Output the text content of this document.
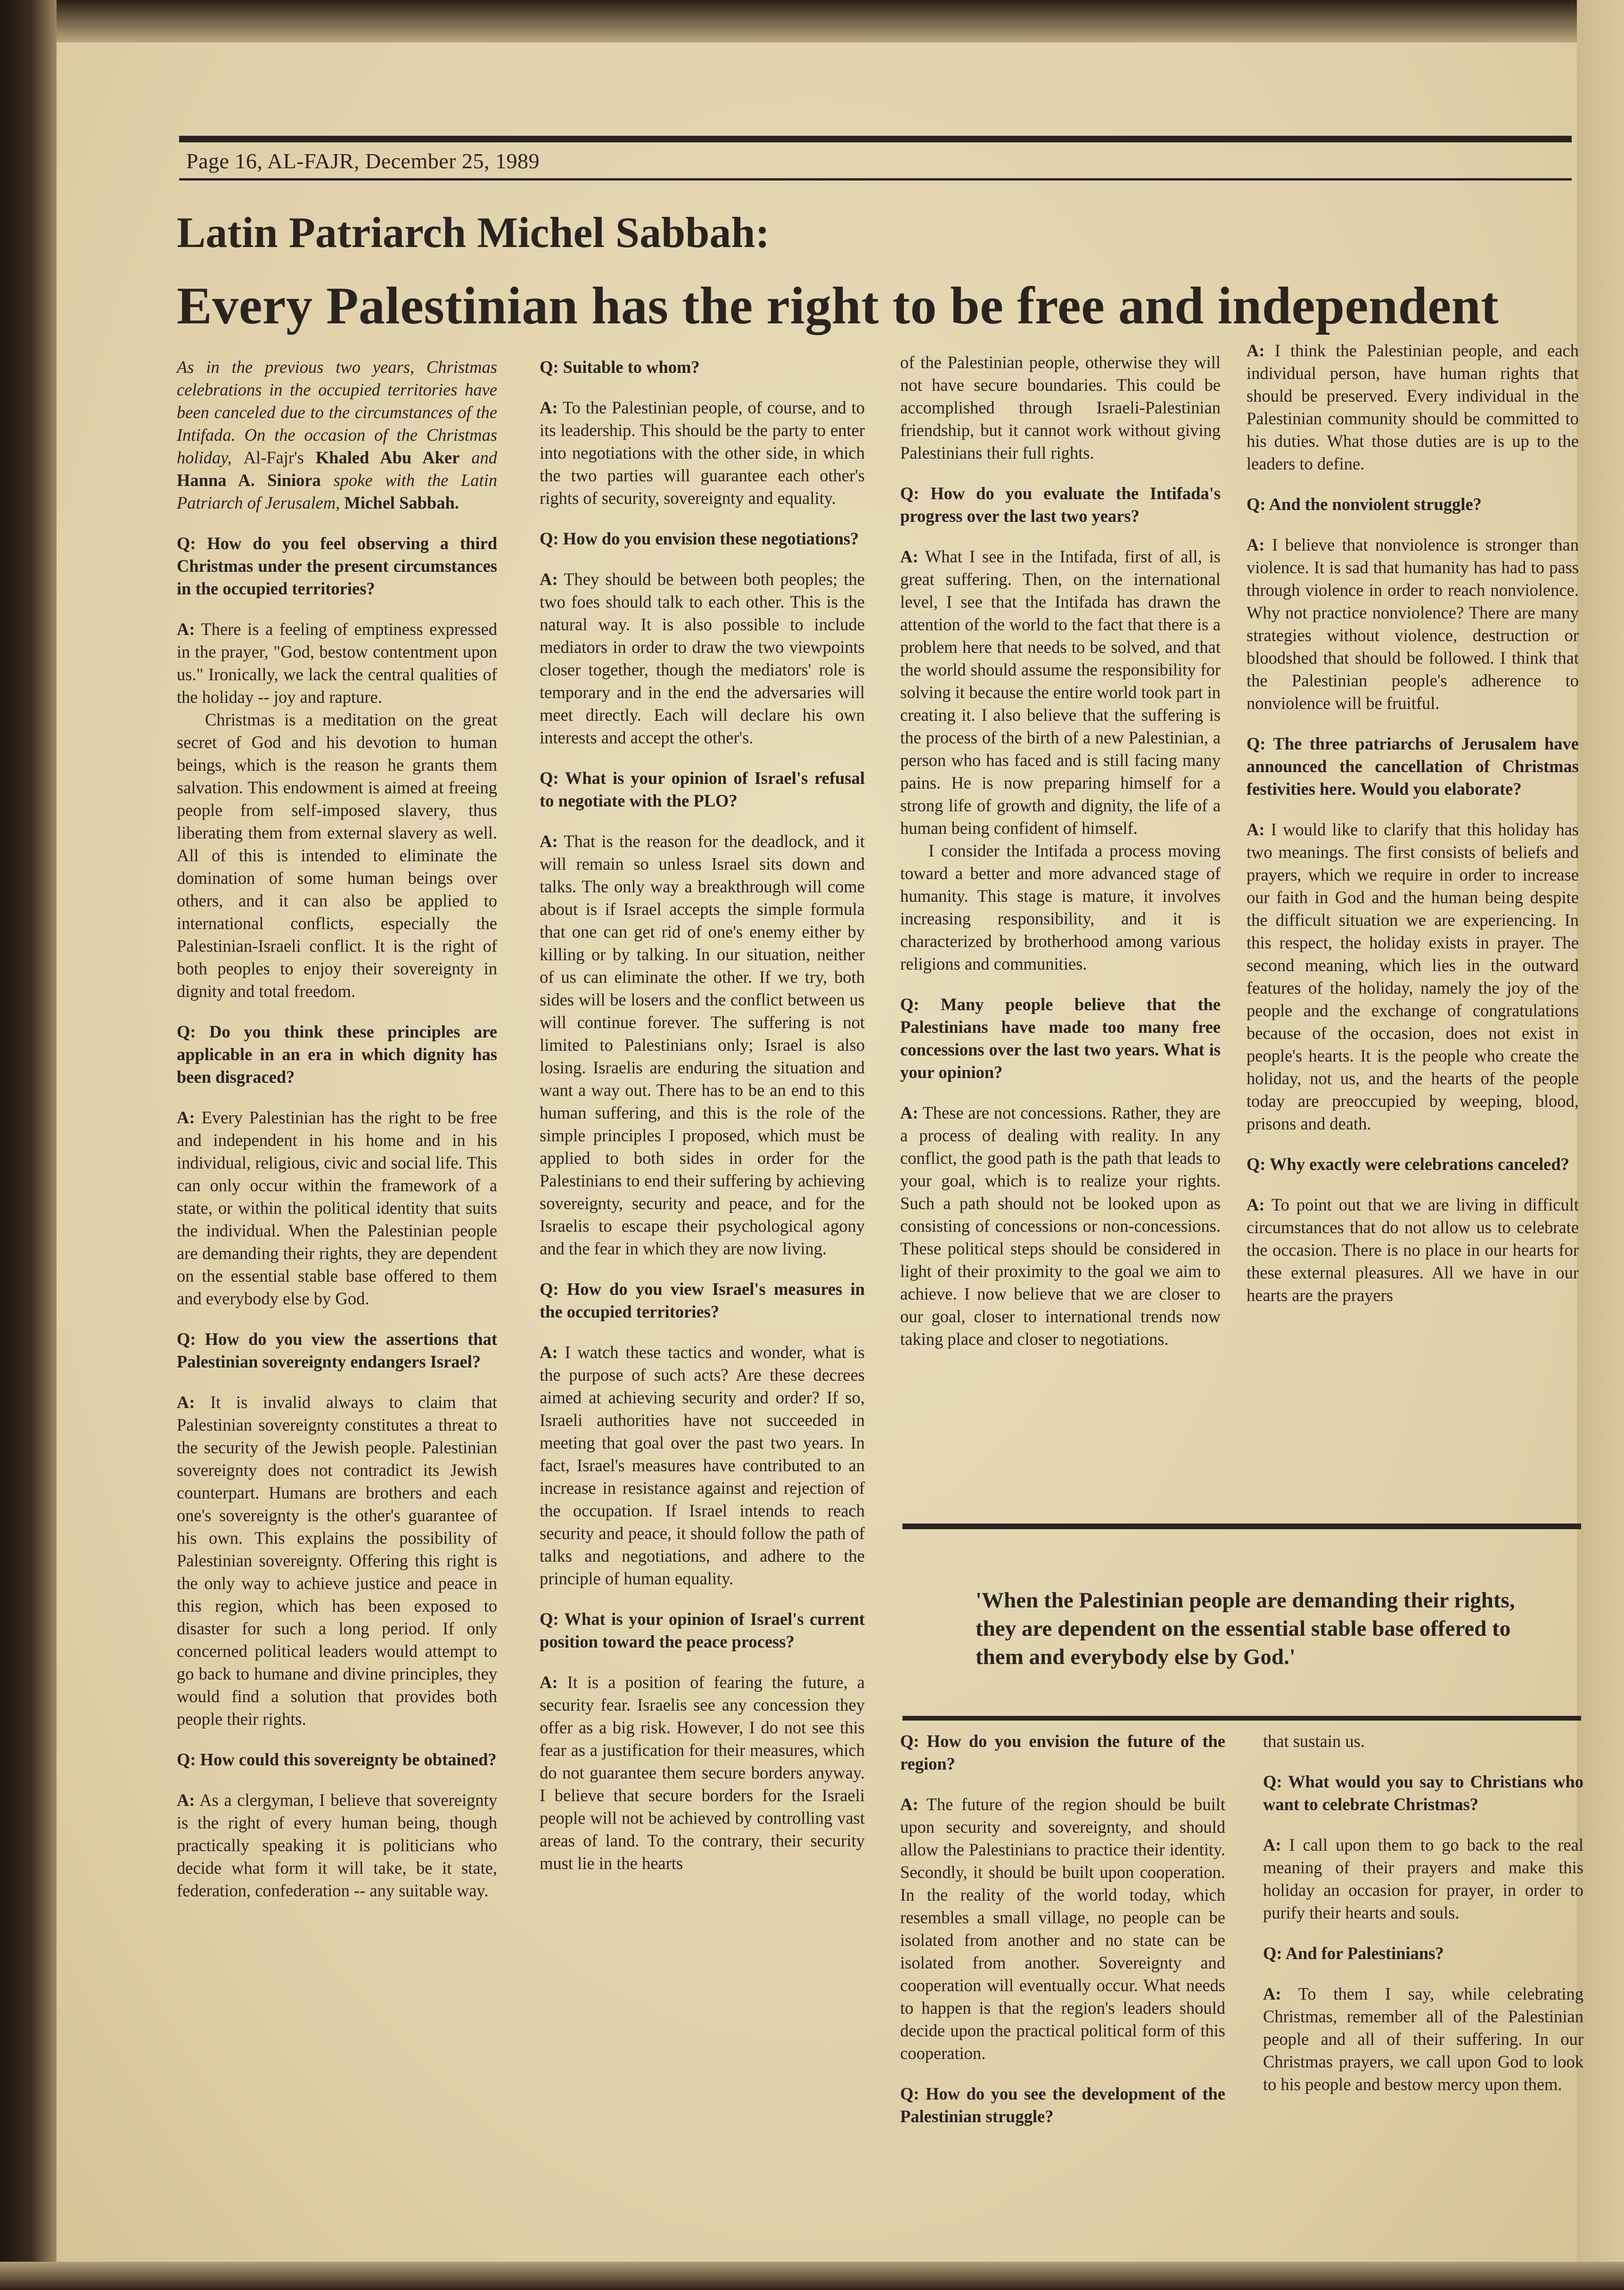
Page 16, AL-FAJR, December 25, 1989
Latin Patriarch Michel Sabbah:
Every Palestinian has the right to be free and independent

As in the previous two years, Christmas celebrations in the occupied territories have been canceled due to the circumstances of the Intifada. On the occasion of the Christmas holiday, Al-Fajr's Khaled Abu Aker and Hanna A. Siniora spoke with the Latin Patriarch of Jerusalem, Michel Sabbah.

Q: How do you feel observing a third Christmas under the present circumstances in the occupied territories?

A: There is a feeling of emptiness expressed in the prayer, "God, bestow contentment upon us." Ironically, we lack the central qualities of the holiday -- joy and rapture.

Christmas is a meditation on the great secret of God and his devotion to human beings, which is the reason he grants them salvation. This endowment is aimed at freeing people from self-imposed slavery, thus liberating them from external slavery as well. All of this is intended to eliminate the domination of some human beings over others, and it can also be applied to international conflicts, especially the Palestinian-Israeli conflict. It is the right of both peoples to enjoy their sovereignty in dignity and total freedom.

Q: Do you think these principles are applicable in an era in which dignity has been disgraced?

A: Every Palestinian has the right to be free and independent in his home and in his individual, religious, civic and social life. This can only occur within the framework of a state, or within the political identity that suits the individual. When the Palestinian people are demanding their rights, they are dependent on the essential stable base offered to them and everybody else by God.

Q: How do you view the assertions that Palestinian sovereignty endangers Israel?

A: It is invalid always to claim that Palestinian sovereignty constitutes a threat to the security of the Jewish people. Palestinian sovereignty does not contradict its Jewish counterpart. Humans are brothers and each one's sovereignty is the other's guarantee of his own. This explains the possibility of Palestinian sovereignty. Offering this right is the only way to achieve justice and peace in this region, which has been exposed to disaster for such a long period. If only concerned political leaders would attempt to go back to humane and divine principles, they would find a solution that provides both people their rights.

Q: How could this sovereignty be obtained?

A: As a clergyman, I believe that sovereignty is the right of every human being, though practically speaking it is politicians who decide what form it will take, be it state, federation, confederation -- any suitable way.

Q: Suitable to whom?

A: To the Palestinian people, of course, and to its leadership. This should be the party to enter into negotiations with the other side, in which the two parties will guarantee each other's rights of security, sovereignty and equality.

Q: How do you envision these negotiations?

A: They should be between both peoples; the two foes should talk to each other. This is the natural way. It is also possible to include mediators in order to draw the two viewpoints closer together, though the mediators' role is temporary and in the end the adversaries will meet directly. Each will declare his own interests and accept the other's.

Q: What is your opinion of Israel's refusal to negotiate with the PLO?

A: That is the reason for the deadlock, and it will remain so unless Israel sits down and talks. The only way a breakthrough will come about is if Israel accepts the simple formula that one can get rid of one's enemy either by killing or by talking. In our situation, neither of us can eliminate the other. If we try, both sides will be losers and the conflict between us will continue forever. The suffering is not limited to Palestinians only; Israel is also losing. Israelis are enduring the situation and want a way out. There has to be an end to this human suffering, and this is the role of the simple principles I proposed, which must be applied to both sides in order for the Palestinians to end their suffering by achieving sovereignty, security and peace, and for the Israelis to escape their psychological agony and the fear in which they are now living.

Q: How do you view Israel's measures in the occupied territories?

A: I watch these tactics and wonder, what is the purpose of such acts? Are these decrees aimed at achieving security and order? If so, Israeli authorities have not succeeded in meeting that goal over the past two years. In fact, Israel's measures have contributed to an increase in resistance against and rejection of the occupation. If Israel intends to reach security and peace, it should follow the path of talks and negotiations, and adhere to the principle of human equality.

Q: What is your opinion of Israel's current position toward the peace process?

A: It is a position of fearing the future, a security fear. Israelis see any concession they offer as a big risk. However, I do not see this fear as a justification for their measures, which do not guarantee them secure borders anyway. I believe that secure borders for the Israeli people will not be achieved by controlling vast areas of land. To the contrary, their security must lie in the hearts

of the Palestinian people, otherwise they will not have secure boundaries. This could be accomplished through Israeli-Palestinian friendship, but it cannot work without giving Palestinians their full rights.

Q: How do you evaluate the Intifada's progress over the last two years?

A: What I see in the Intifada, first of all, is great suffering. Then, on the international level, I see that the Intifada has drawn the attention of the world to the fact that there is a problem here that needs to be solved, and that the world should assume the responsibility for solving it because the entire world took part in creating it. I also believe that the suffering is the process of the birth of a new Palestinian, a person who has faced and is still facing many pains. He is now preparing himself for a strong life of growth and dignity, the life of a human being confident of himself.

I consider the Intifada a process moving toward a better and more advanced stage of humanity. This stage is mature, it involves increasing responsibility, and it is characterized by brotherhood among various religions and communities.

Q: Many people believe that the Palestinians have made too many free concessions over the last two years. What is your opinion?

A: These are not concessions. Rather, they are a process of dealing with reality. In any conflict, the good path is the path that leads to your goal, which is to realize your rights. Such a path should not be looked upon as consisting of concessions or non-concessions. These political steps should be considered in light of their proximity to the goal we aim to achieve. I now believe that we are closer to our goal, closer to international trends now taking place and closer to negotiations.

A: I think the Palestinian people, and each individual person, have human rights that should be preserved. Every individual in the Palestinian community should be committed to his duties. What those duties are is up to the leaders to define.

Q: And the nonviolent struggle?

A: I believe that nonviolence is stronger than violence. It is sad that humanity has had to pass through violence in order to reach nonviolence. Why not practice nonviolence? There are many strategies without violence, destruction or bloodshed that should be followed. I think that the Palestinian people's adherence to nonviolence will be fruitful.

Q: The three patriarchs of Jerusalem have announced the cancellation of Christmas festivities here. Would you elaborate?

A: I would like to clarify that this holiday has two meanings. The first consists of beliefs and prayers, which we require in order to increase our faith in God and the human being despite the difficult situation we are experiencing. In this respect, the holiday exists in prayer. The second meaning, which lies in the outward features of the holiday, namely the joy of the people and the exchange of congratulations because of the occasion, does not exist in people's hearts. It is the people who create the holiday, not us, and the hearts of the people today are preoccupied by weeping, blood, prisons and death.

Q: Why exactly were celebrations canceled?

A: To point out that we are living in difficult circumstances that do not allow us to celebrate the occasion. There is no place in our hearts for these external pleasures. All we have in our hearts are the prayers

'When the Palestinian people are demanding their rights, they are dependent on the essential stable base offered to them and everybody else by God.'

Q: How do you envision the future of the region?

A: The future of the region should be built upon security and sovereignty, and should allow the Palestinians to practice their identity. Secondly, it should be built upon cooperation. In the reality of the world today, which resembles a small village, no people can be isolated from another and no state can be isolated from another. Sovereignty and cooperation will eventually occur. What needs to happen is that the region's leaders should decide upon the practical political form of this cooperation.

Q: How do you see the development of the Palestinian struggle?

that sustain us.

Q: What would you say to Christians who want to celebrate Christmas?

A: I call upon them to go back to the real meaning of their prayers and make this holiday an occasion for prayer, in order to purify their hearts and souls.

Q: And for Palestinians?

A: To them I say, while celebrating Christmas, remember all of the Palestinian people and all of their suffering. In our Christmas prayers, we call upon God to look to his people and bestow mercy upon them.
